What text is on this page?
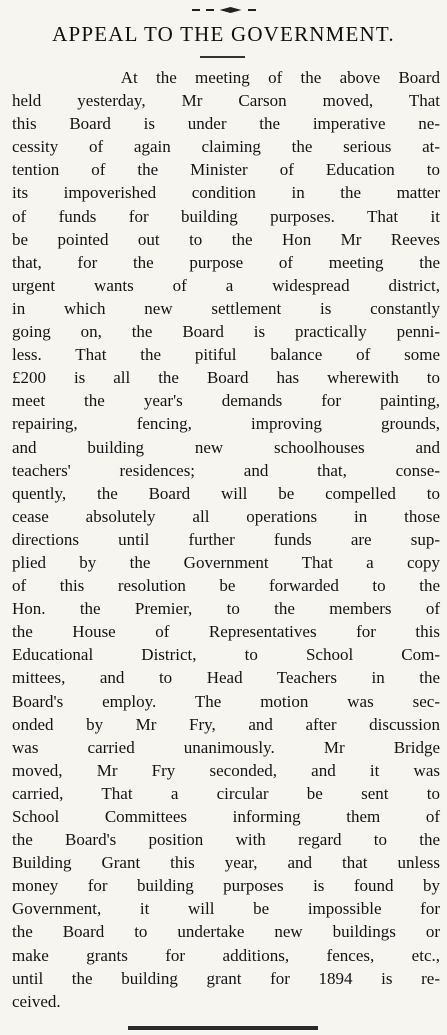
APPEAL TO THE GOVERNMENT.

At the meeting of the above Board
held yesterday, Mr Carson moved, That
this Board is under the imperative ne-
cessity of again claiming the serious at-
tention of the Minister of Education to
its impoverished condition in the matter
of funds for building purposes. That it
be pointed out to the Hon Mr Reeves
that, for the purpose of meeting the
urgent wants of a widespread district,
in which new settlement is constantly
going on, the Board is practically penni-
less. That the pitiful balance of some
£200 is all the Board has wherewith to
meet the year's demands for painting,
repairing, fencing, improving grounds,
and building new schoolhouses and
teachers' residences; and that, conse-
quently, the Board will be compelled to
cease absolutely all operations in those
directions until further funds are sup-
plied by the Government That a copy
of this resolution be forwarded to the
Hon. the Premier, to the members of
the House of Representatives for this
Educational District, to School Com-
mittees, and to Head Teachers in the
Board's employ. The motion was sec-
onded by Mr Fry, and after discussion
was carried unanimously. Mr Bridge
moved, Mr Fry seconded, and it was
carried, That a circular be sent to
School Committees informing them of
the Board's position with regard to the
Building Grant this year, and that unless
money for building purposes is found by
Government, it will be impossible for
the Board to undertake new buildings or
make grants for additions, fences, etc.,
until the building grant for 1894 is re-
ceived.
